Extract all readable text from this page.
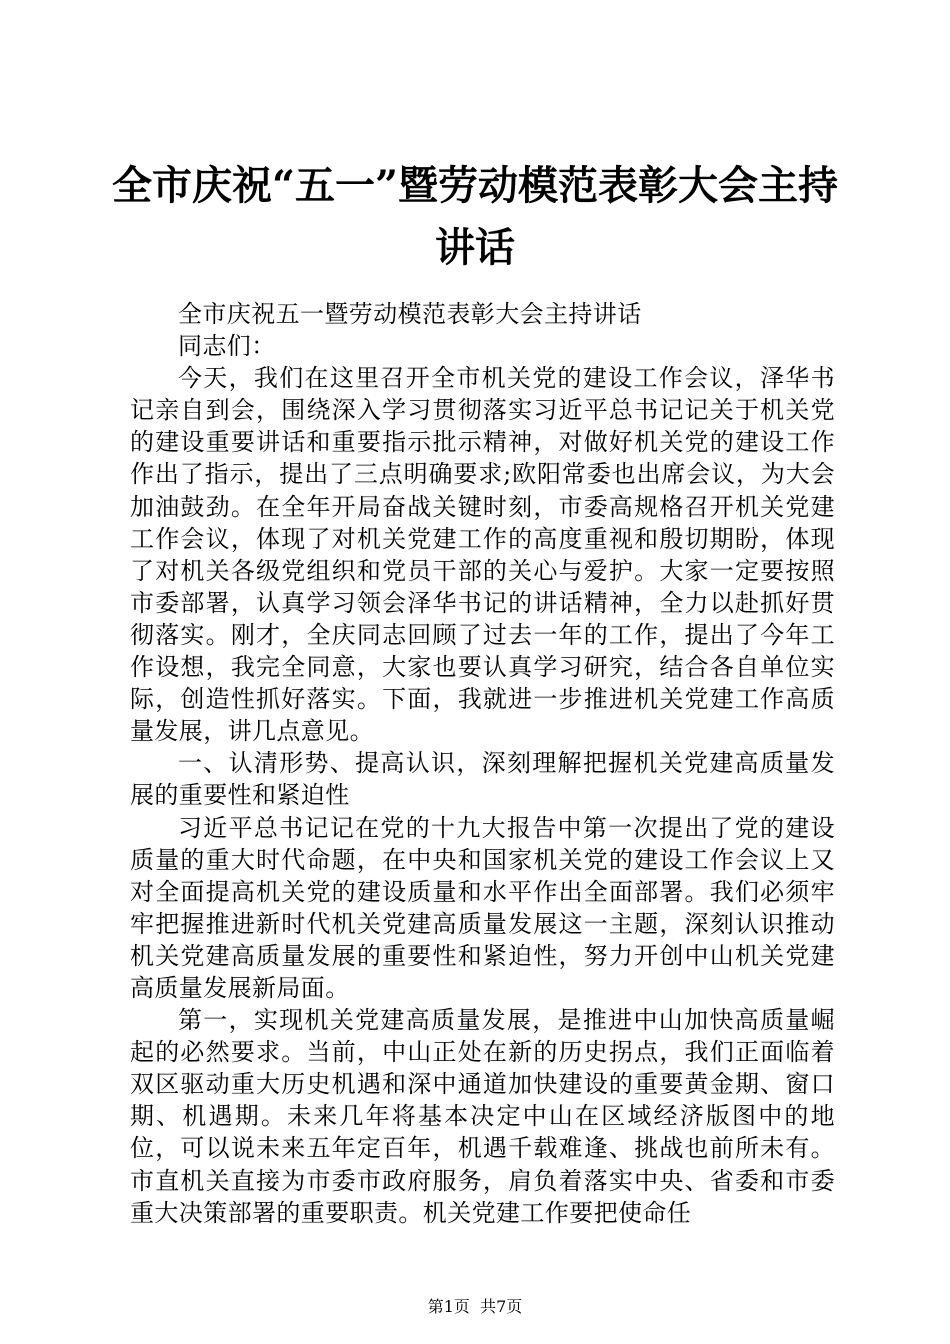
全市庆祝“五一”暨劳动模范表彰大会主持讲话

全市庆祝五一暨劳动模范表彰大会主持讲话

同志们：

今天，我们在这里召开全市机关党的建设工作会议，泽华书记亲自到会，围绕深入学习贯彻落实习近平总书记记关于机关党的建设重要讲话和重要指示批示精神，对做好机关党的建设工作作出了指示，提出了三点明确要求;欧阳常委也出席会议，为大会加油鼓劲。在全年开局奋战关键时刻，市委高规格召开机关党建工作会议，体现了对机关党建工作的高度重视和殷切期盼，体现了对机关各级党组织和党员干部的关心与爱护。大家一定要按照市委部署，认真学习领会泽华书记的讲话精神，全力以赴抓好贯彻落实。刚才，全庆同志回顾了过去一年的工作，提出了今年工作设想，我完全同意，大家也要认真学习研究，结合各自单位实际，创造性抓好落实。下面，我就进一步推进机关党建工作高质量发展，讲几点意见。

一、认清形势、提高认识，深刻理解把握机关党建高质量发展的重要性和紧迫性

习近平总书记记在党的十九大报告中第一次提出了党的建设质量的重大时代命题，在中央和国家机关党的建设工作会议上又对全面提高机关党的建设质量和水平作出全面部署。我们必须牢牢把握推进新时代机关党建高质量发展这一主题，深刻认识推动机关党建高质量发展的重要性和紧迫性，努力开创中山机关党建高质量发展新局面。

第一，实现机关党建高质量发展，是推进中山加快高质量崛起的必然要求。当前，中山正处在新的历史拐点，我们正面临着双区驱动重大历史机遇和深中通道加快建设的重要黄金期、窗口期、机遇期。未来几年将基本决定中山在区域经济版图中的地位，可以说未来五年定百年，机遇千载难逢、挑战也前所未有。市直机关直接为市委市政府服务，肩负着落实中央、省委和市委重大决策部署的重要职责。机关党建工作要把使命任

第1页 共7页
